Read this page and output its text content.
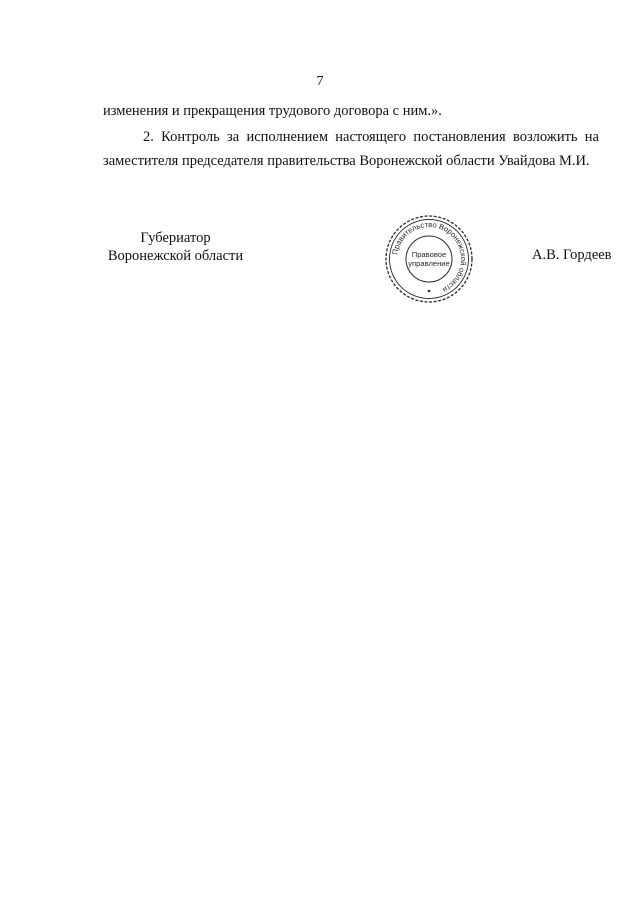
7
изменения и прекращения трудового договора с ним.».
2. Контроль за исполнением настоящего постановления возложить на заместителя председателя правительства Воронежской области Увайдова М.И.
Губериатор
Воронежской области	Правительство Воронежской области
Правовое
управление
А.В. Гордеев
